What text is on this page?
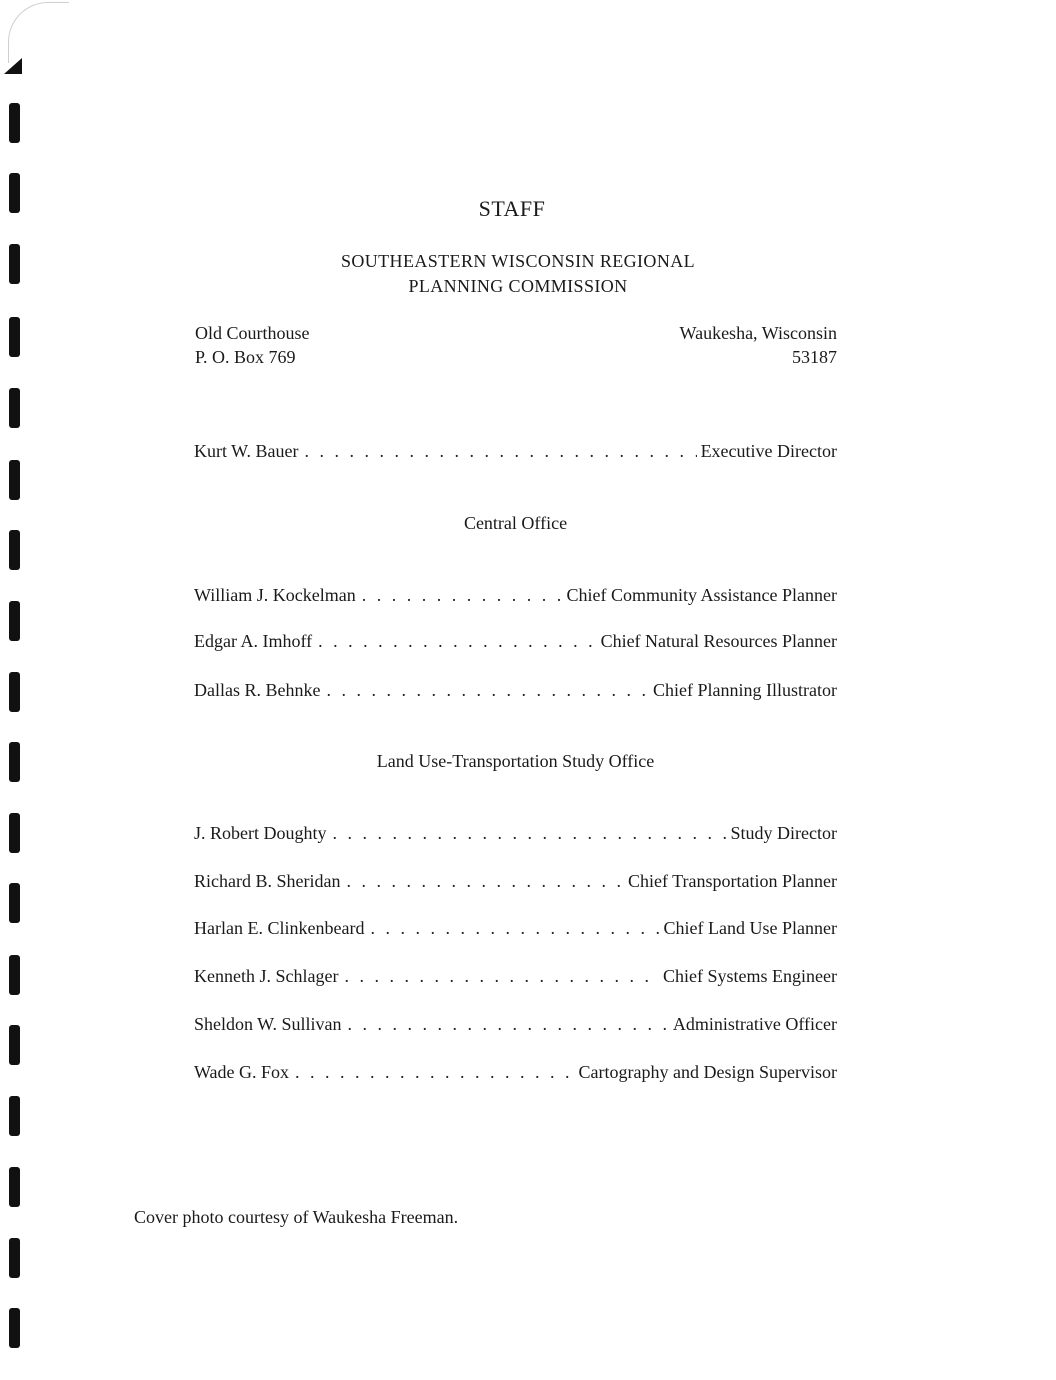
STAFF
SOUTHEASTERN WISCONSIN REGIONAL
PLANNING COMMISSION
Old Courthouse
P. O. Box 769
Waukesha, Wisconsin
53187
Kurt W. Bauer . . .	Executive Director
Central Office
William J. Kockelman . . .	Chief Community Assistance Planner
Edgar A. Imhoff . . .	Chief Natural Resources Planner
Dallas R. Behnke . . .	Chief Planning Illustrator
Land Use-Transportation Study Office
J. Robert Doughty . . .	Study Director
Richard B. Sheridan . . .	Chief Transportation Planner
Harlan E. Clinkenbeard . . .	Chief Land Use Planner
Kenneth J. Schlager . . .	Chief Systems Engineer
Sheldon W. Sullivan . . .	Administrative Officer
Wade G. Fox . . .	Cartography and Design Supervisor
Cover photo courtesy of Waukesha Freeman.
